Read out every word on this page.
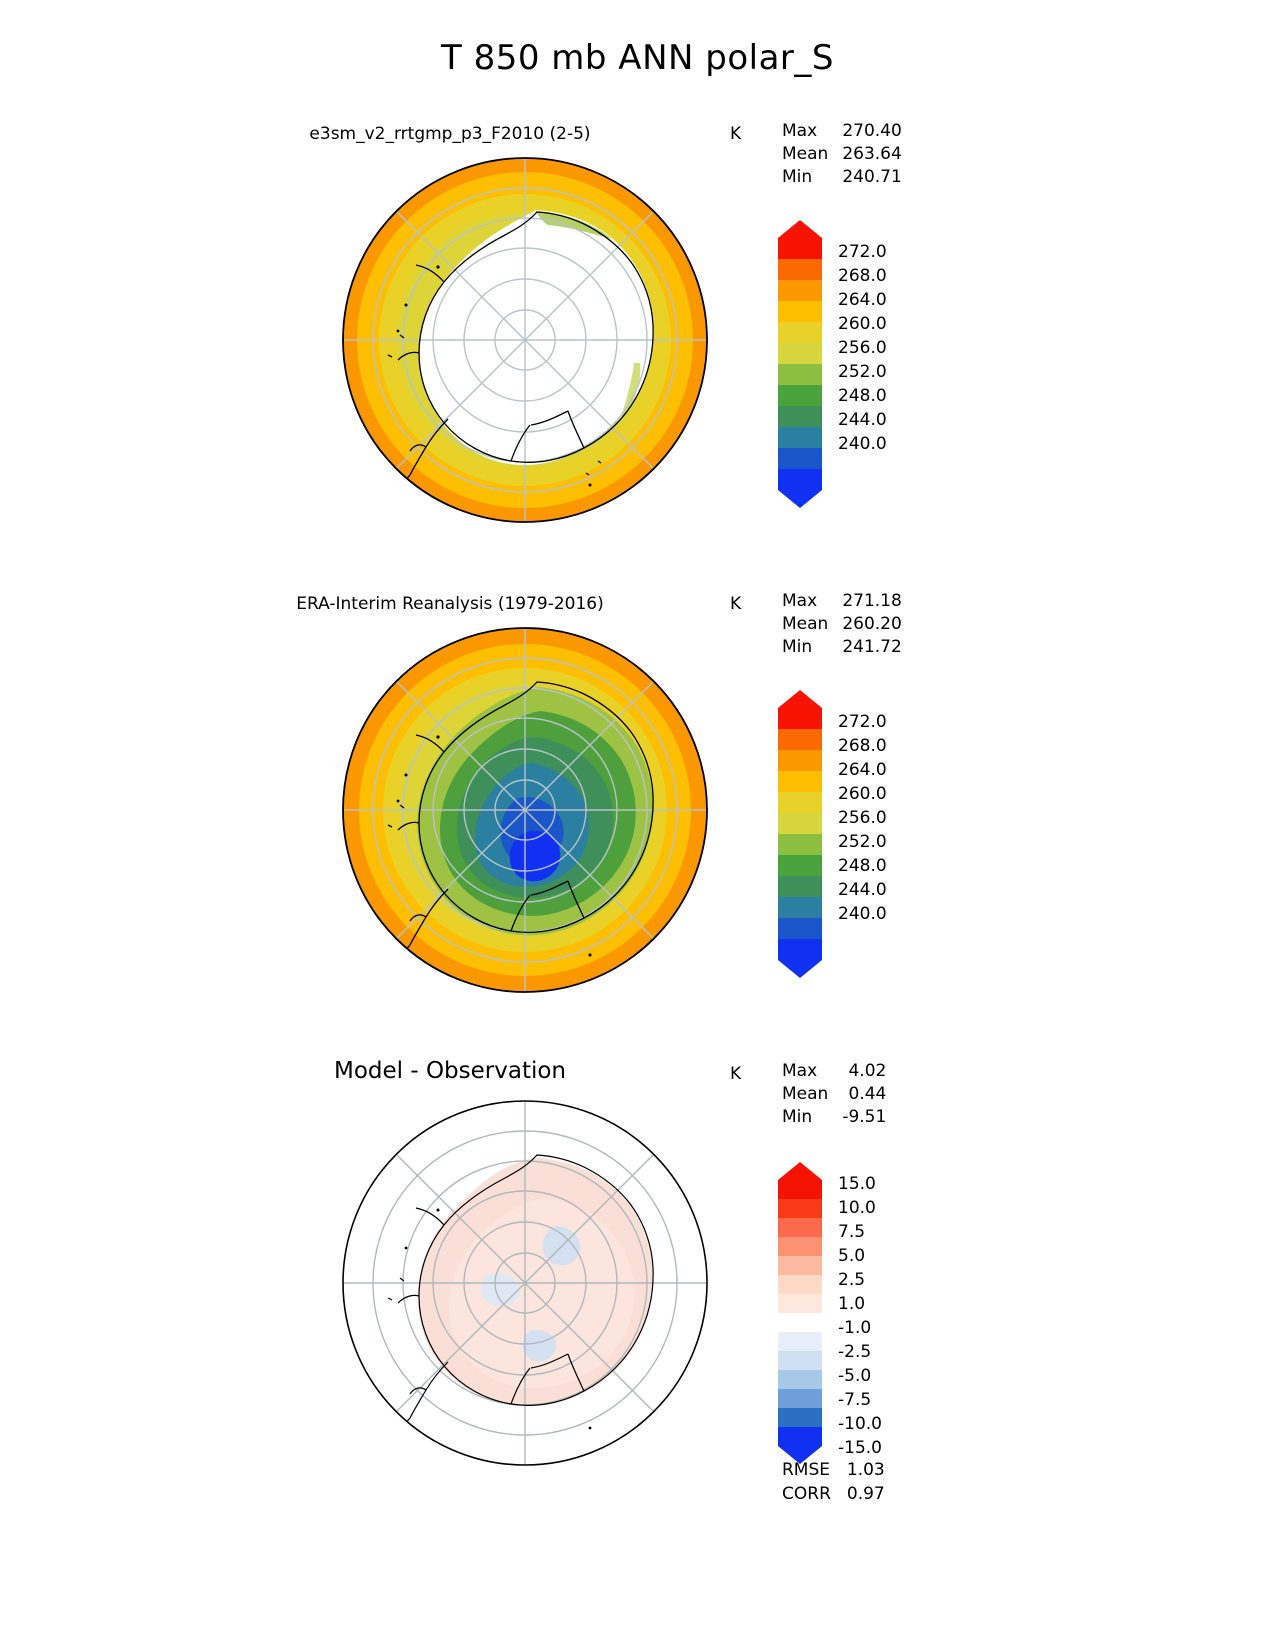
T 850 mb ANN polar_S
e3sm_v2_rrtgmp_p3_F2010 (2-5)	K Max	270.40
Mean	263.64
Min	240.71
272.0
268.0
264.0
260.0
256.0
252.0
248.0
244.0
240.0
ERA-Interim Reanalysis (1979-2016)	K Max	271.18
Mean	260.20
Min	241.72
272.0
268.0
264.0
260.0
256.0
252.0
248.0
244.0
240.0
Model - Observation	K Max	4.02
Mean	0.44
Min	-9.51
15.0
10.0
7.5
5.0
2.5
1.0
-1.0
-2.5
-5.0
-7.5
-10.0
-15.0
RMSE	1.03
CORR	0.97
